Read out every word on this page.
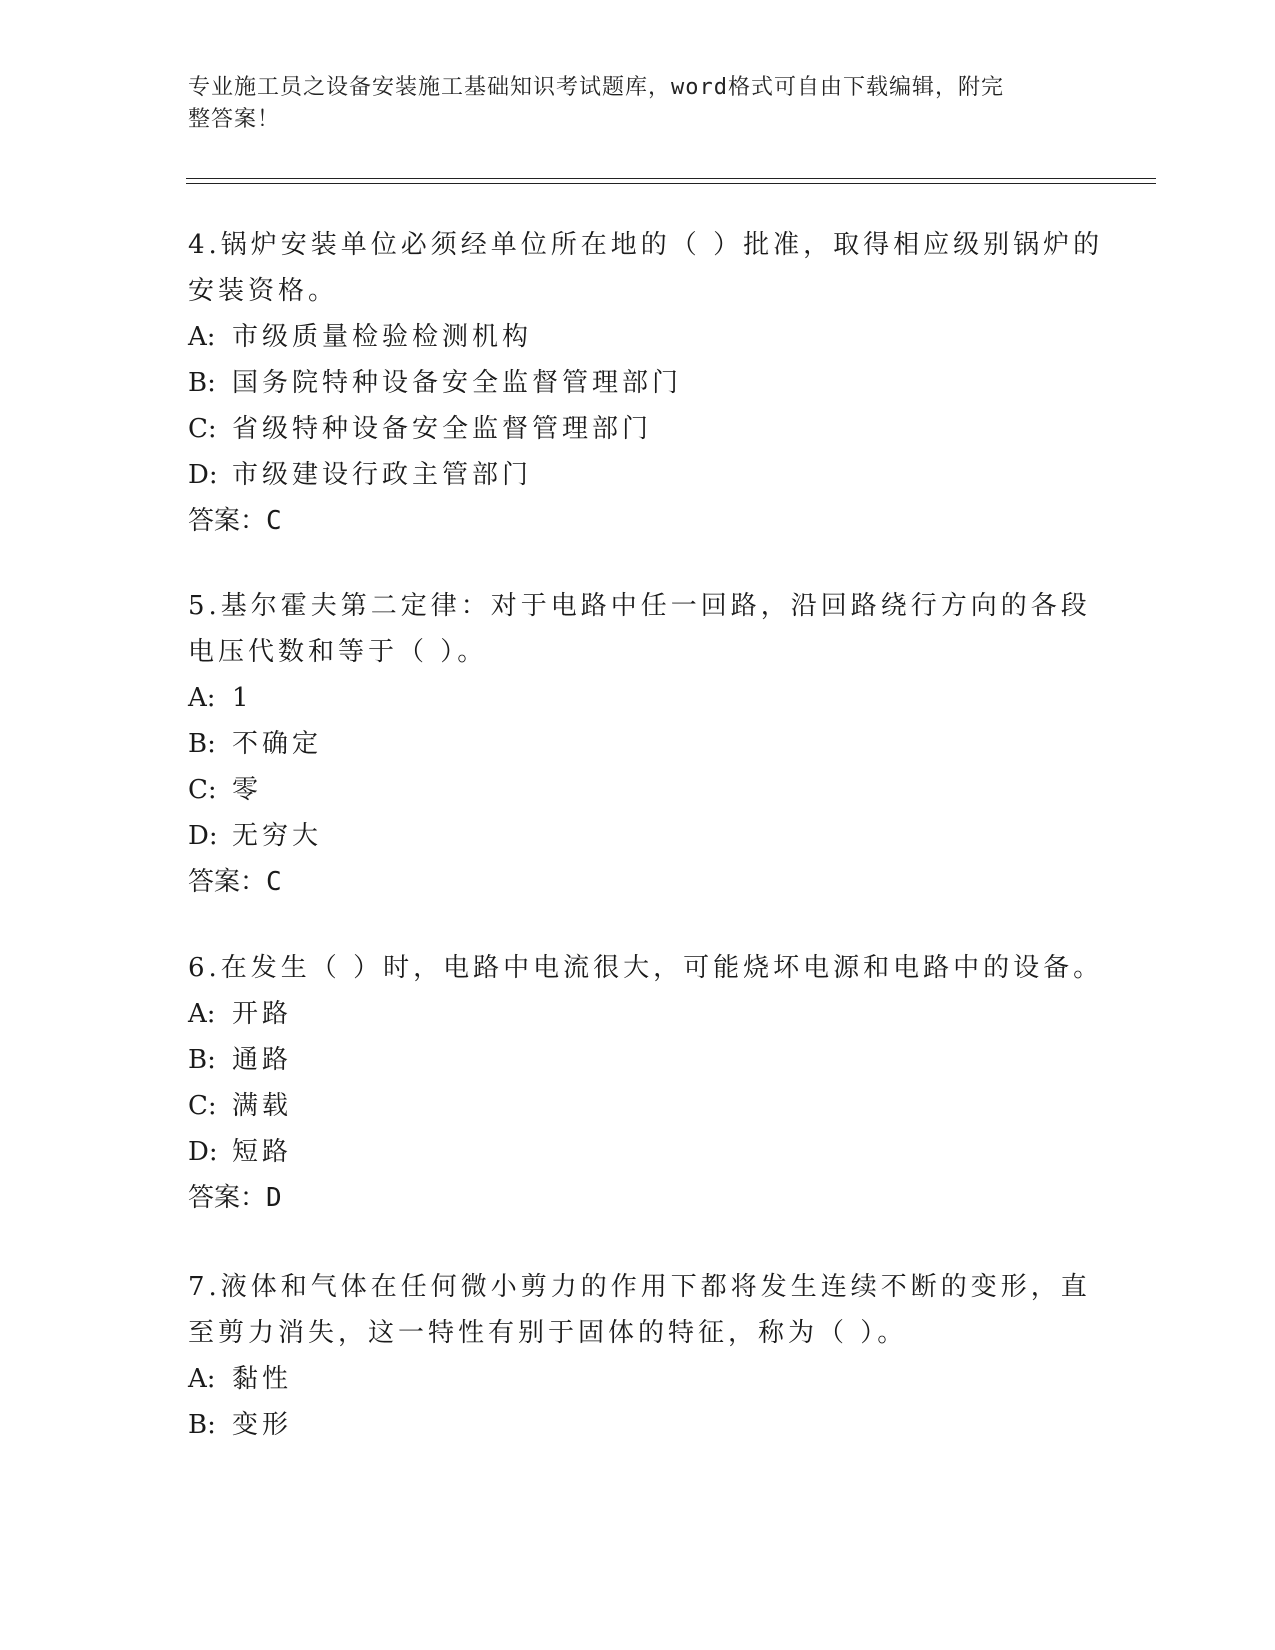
专业施工员之设备安装施工基础知识考试题库，word格式可自由下载编辑，附完
整答案！
4.锅炉安装单位必须经单位所在地的（ ）批准，取得相应级别锅炉的
安装资格。
A: 市级质量检验检测机构
B: 国务院特种设备安全监督管理部门
C: 省级特种设备安全监督管理部门
D: 市级建设行政主管部门
答案：C
5.基尔霍夫第二定律：对于电路中任一回路，沿回路绕行方向的各段
电压代数和等于（ ）。
A: 1
B: 不确定
C: 零
D: 无穷大
答案：C
6.在发生（ ）时，电路中电流很大，可能烧坏电源和电路中的设备。
A: 开路
B: 通路
C: 满载
D: 短路
答案：D
7.液体和气体在任何微小剪力的作用下都将发生连续不断的变形，直
至剪力消失，这一特性有别于固体的特征，称为（ ）。
A: 黏性
B: 变形
